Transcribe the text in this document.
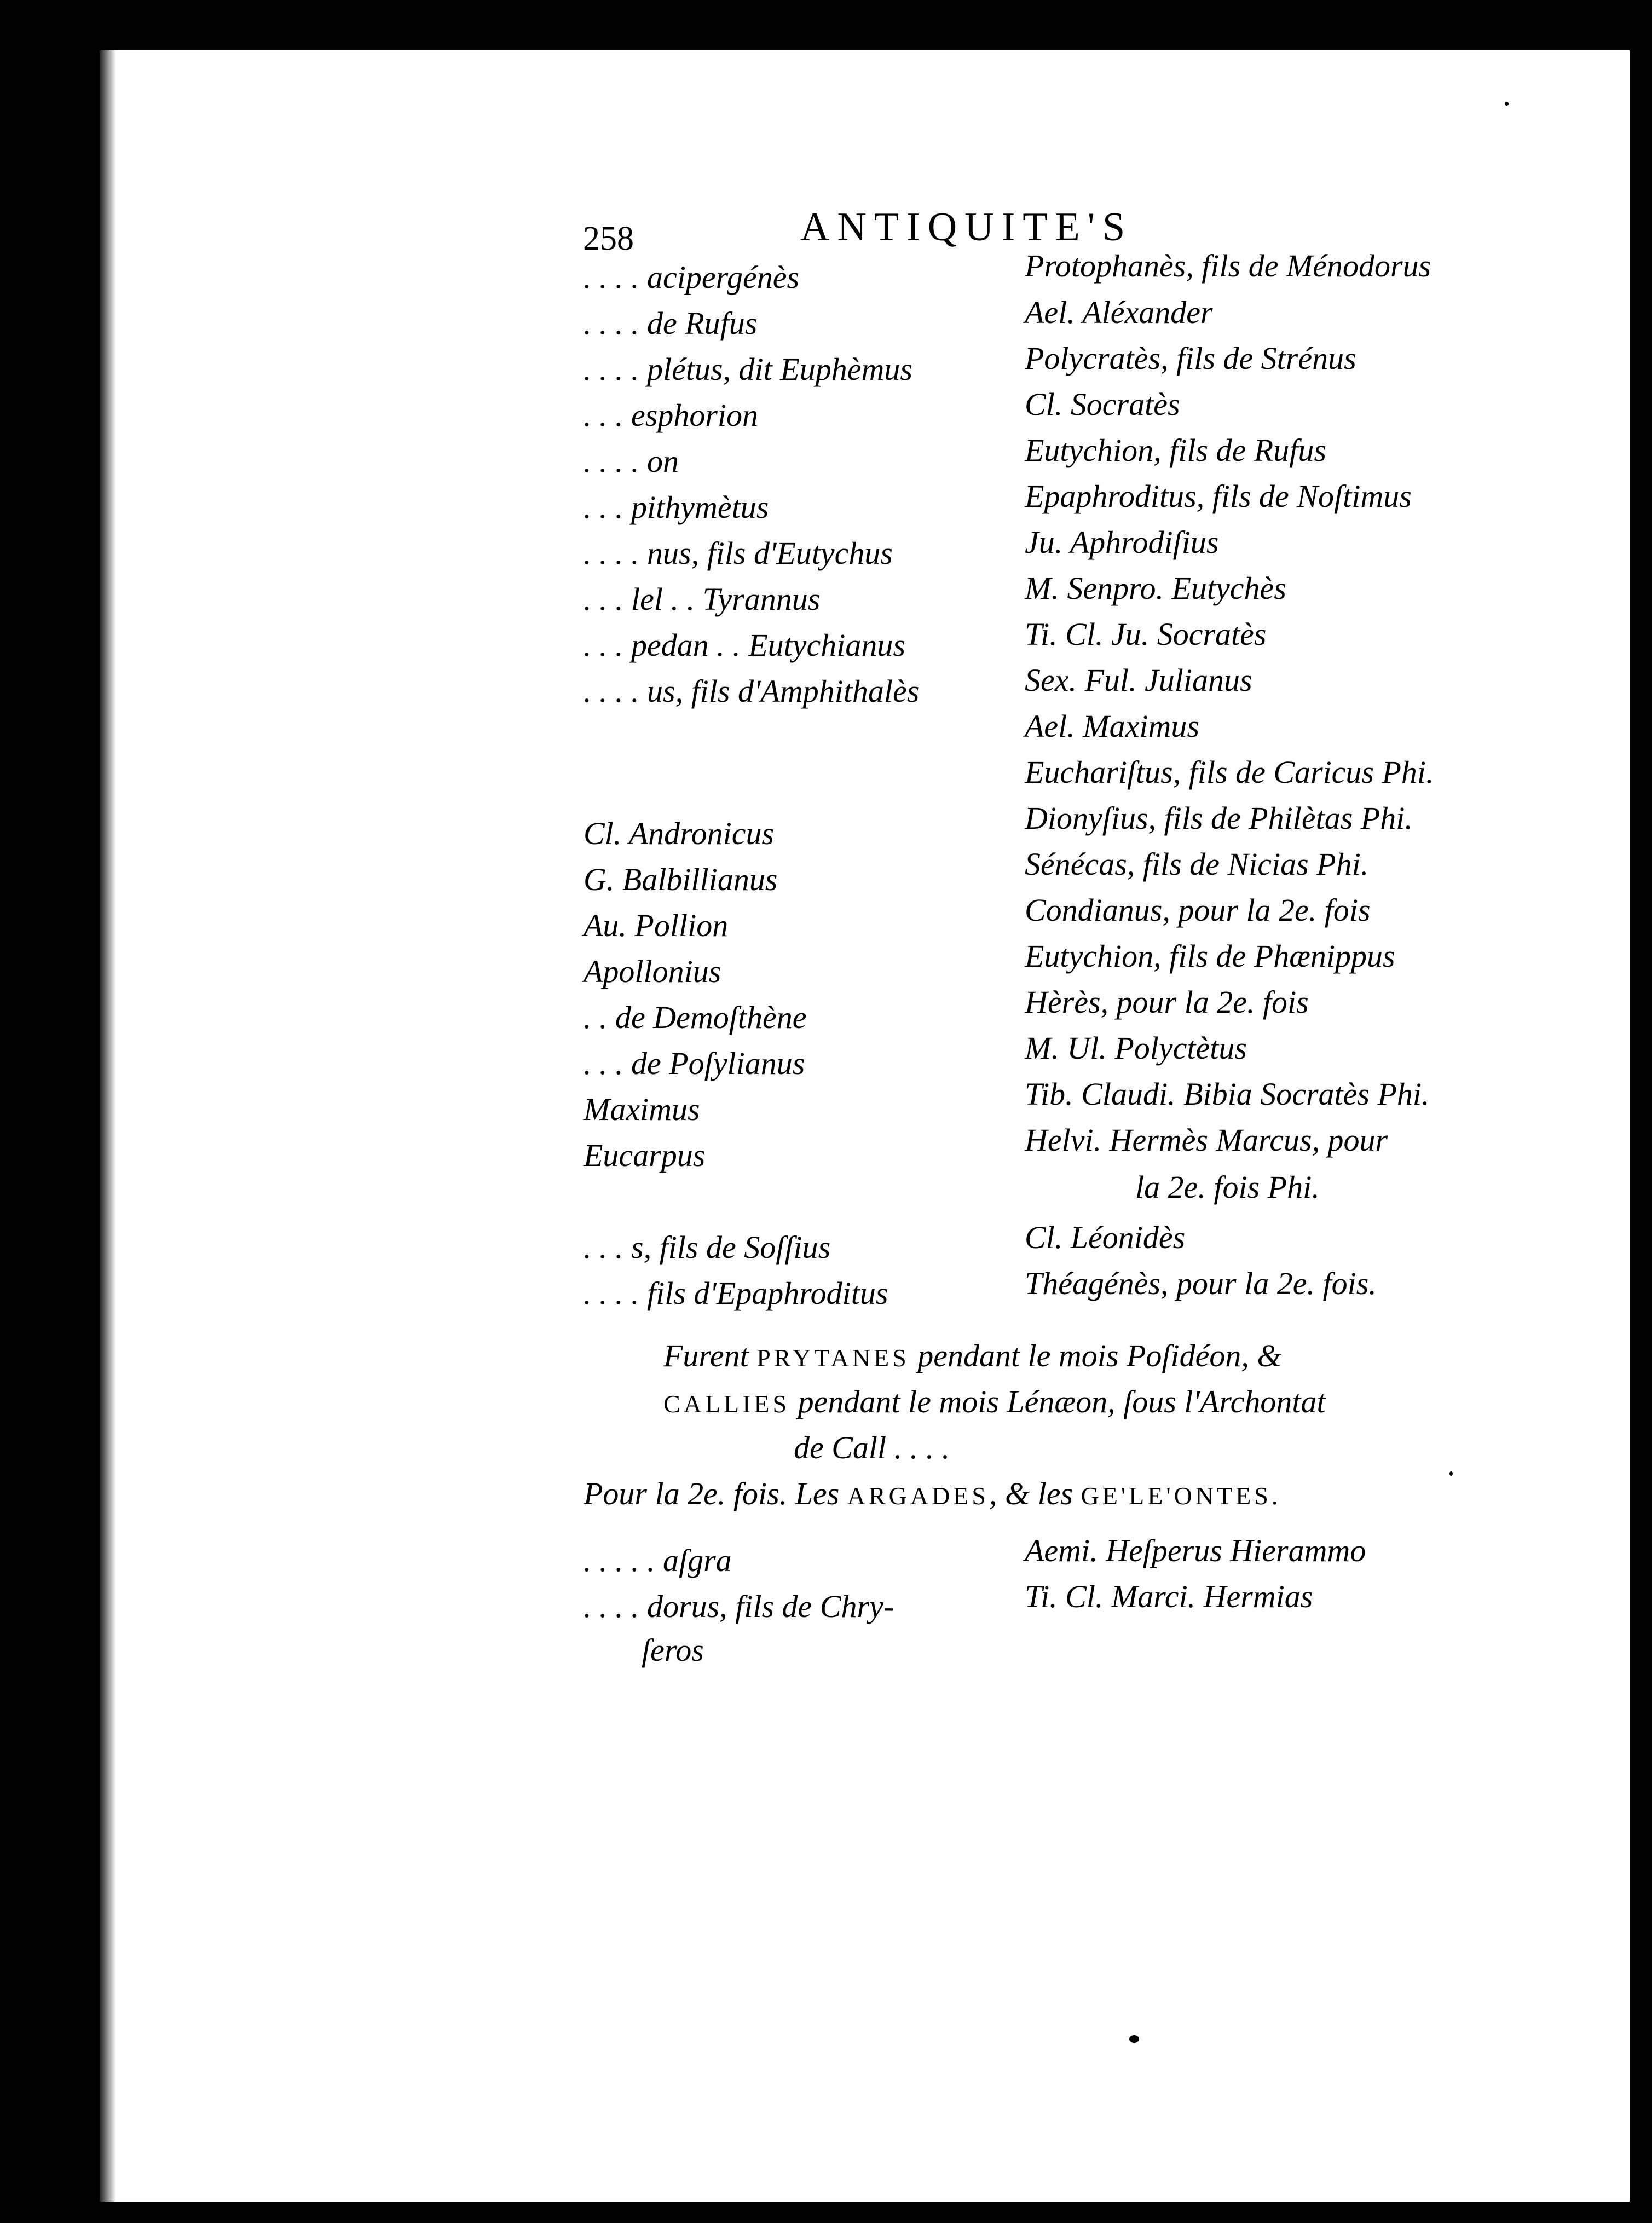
258	ANTIQUITE'S
. . . . acipergénès
. . . . de Rufus
. . . . plétus, dit Euphèmus
. . . esphorion
. . . . on
. . . pithymètus
. . . . nus, fils d'Eutychus
. . . lel . . Tyrannus
. . . pedan . . Eutychianus
. . . . us, fils d'Amphithalès
Protophanès, fils de Ménodorus
Ael. Aléxander
Polycratès, fils de Strénus
Cl. Socratès
Eutychion, fils de Rufus
Epaphroditus, fils de Noſtimus
Ju. Aphrodiſius
M. Senpro. Eutychès
Ti. Cl. Ju. Socratès
Sex. Ful. Julianus
Ael. Maximus
Euchariſtus, fils de Caricus Phi.
Cl. Andronicus
G. Balbillianus
Au. Pollion
Apollonius
. . de Demoſthène
. . . de Poſylianus
Maximus
Eucarpus
Dionyſius, fils de Philètas Phi.
Sénécas, fils de Nicias Phi.
Condianus, pour la 2e. fois
Eutychion, fils de Phænippus
Hèrès, pour la 2e. fois
M. Ul. Polyctètus
Tib. Claudi. Bibia Socratès Phi.
Helvi. Hermès Marcus, pour
la 2e. fois Phi.
. . . s, fils de Soſſius
. . . . fils d'Epaphroditus
Cl. Léonidès
Théagénès, pour la 2e. fois.
Furent PRYTANES pendant le mois Poſidéon, &
CALLIES pendant le mois Lénæon, ſous l'Archontat
de Call . . . .
Pour la 2e. fois. Les ARGADES, & les GE'LE'ONTES.
. . . . . aſgra
. . . . dorus, fils de Chry-
ſeros
Aemi. Heſperus Hierammo
Ti. Cl. Marci. Hermias
